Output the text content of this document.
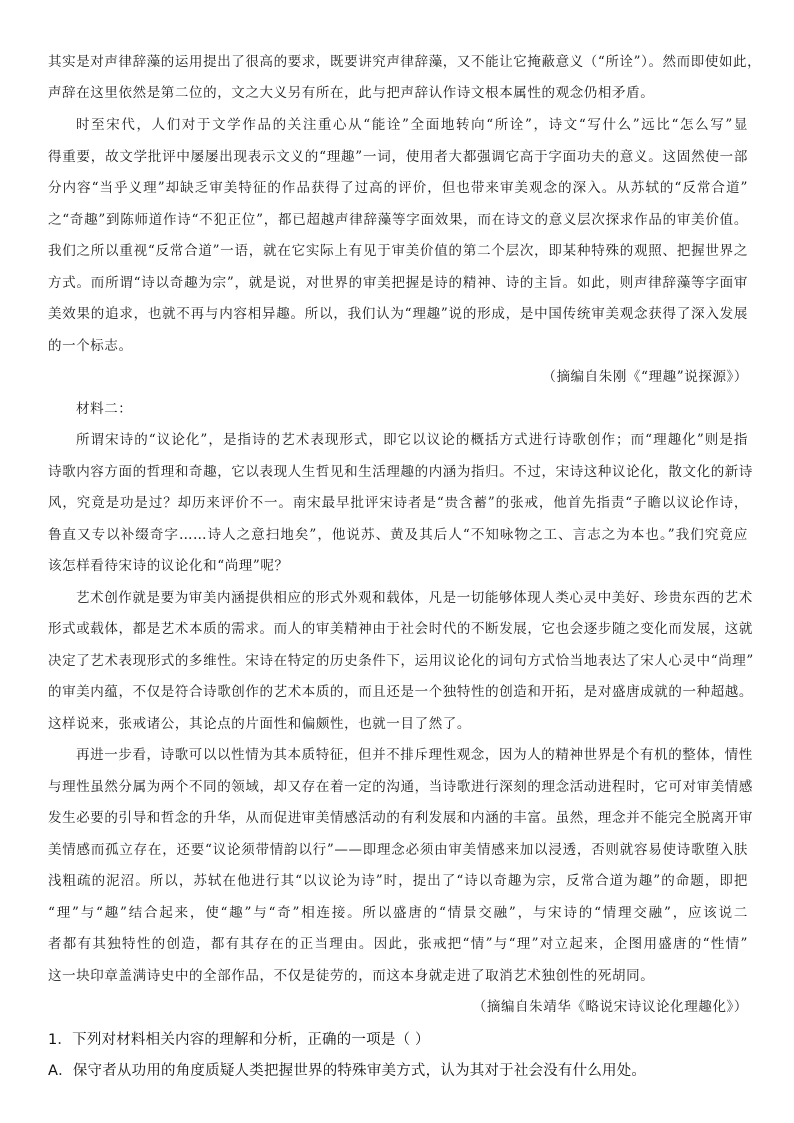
其实是对声律辞藻的运用提出了很高的要求，既要讲究声律辞藻，又不能让它掩蔽意义（“所诠”）。然而即使如此，
声辞在这里依然是第二位的，文之大义另有所在，此与把声辞认作诗文根本属性的观念仍相矛盾。
时至宋代，人们对于文学作品的关注重心从“能诠”全面地转向“所诠”，诗文“写什么”远比“怎么写”显
得重要，故文学批评中屡屡出现表示文义的“理趣”一词，使用者大都强调它高于字面功夫的意义。这固然使一部
分内容“当乎义理”却缺乏审美特征的作品获得了过高的评价，但也带来审美观念的深入。从苏轼的“反常合道”
之“奇趣”到陈师道作诗“不犯正位”，都已超越声律辞藻等字面效果，而在诗文的意义层次探求作品的审美价值。
我们之所以重视“反常合道”一语，就在它实际上有见于审美价值的第二个层次，即某种特殊的观照、把握世界之
方式。而所谓“诗以奇趣为宗”，就是说，对世界的审美把握是诗的精神、诗的主旨。如此，则声律辞藻等字面审
美效果的追求，也就不再与内容相异趣。所以，我们认为“理趣”说的形成，是中国传统审美观念获得了深入发展
的一个标志。
（摘编自朱刚《“理趣”说探源》）
材料二：
所谓宋诗的“议论化”，是指诗的艺术表现形式，即它以议论的概括方式进行诗歌创作；而“理趣化”则是指
诗歌内容方面的哲理和奇趣，它以表现人生哲见和生活理趣的内涵为指归。不过，宋诗这种议论化，散文化的新诗
风，究竟是功是过？却历来评价不一。南宋最早批评宋诗者是“贵含蓄”的张戒，他首先指责“子瞻以议论作诗，
鲁直又专以补缀奇字……诗人之意扫地矣”，他说苏、黄及其后人“不知咏物之工、言志之为本也。”我们究竟应
该怎样看待宋诗的议论化和“尚理”呢？
艺术创作就是要为审美内涵提供相应的形式外观和载体，凡是一切能够体现人类心灵中美好、珍贵东西的艺术
形式或载体，都是艺术本质的需求。而人的审美精神由于社会时代的不断发展，它也会逐步随之变化而发展，这就
决定了艺术表现形式的多维性。宋诗在特定的历史条件下，运用议论化的词句方式恰当地表达了宋人心灵中“尚理”
的审美内蕴，不仅是符合诗歌创作的艺术本质的，而且还是一个独特性的创造和开拓，是对盛唐成就的一种超越。
这样说来，张戒诸公，其论点的片面性和偏颇性，也就一目了然了。
再进一步看，诗歌可以以性情为其本质特征，但并不排斥理性观念，因为人的精神世界是个有机的整体，情性
与理性虽然分属为两个不同的领域，却又存在着一定的沟通，当诗歌进行深刻的理念活动进程时，它可对审美情感
发生必要的引导和哲念的升华，从而促进审美情感活动的有利发展和内涵的丰富。虽然，理念并不能完全脱离开审
美情感而孤立存在，还要“议论须带情韵以行”——即理念必须由审美情感来加以浸透，否则就容易使诗歌堕入肤
浅粗疏的泥沼。所以，苏轼在他进行其“以议论为诗”时，提出了“诗以奇趣为宗，反常合道为趣”的命题，即把
“理”与“趣”结合起来，使“趣”与“奇”相连接。所以盛唐的“情景交融”，与宋诗的“情理交融”，应该说二
者都有其独特性的创造，都有其存在的正当理由。因此，张戒把“情”与“理”对立起来，企图用盛唐的“性情”
这一块印章盖满诗史中的全部作品，不仅是徒劳的，而这本身就走进了取消艺术独创性的死胡同。
（摘编自朱靖华《略说宋诗议论化理趣化》）
1．下列对材料相关内容的理解和分析，正确的一项是（ ）
A．保守者从功用的角度质疑人类把握世界的特殊审美方式，认为其对于社会没有什么用处。
